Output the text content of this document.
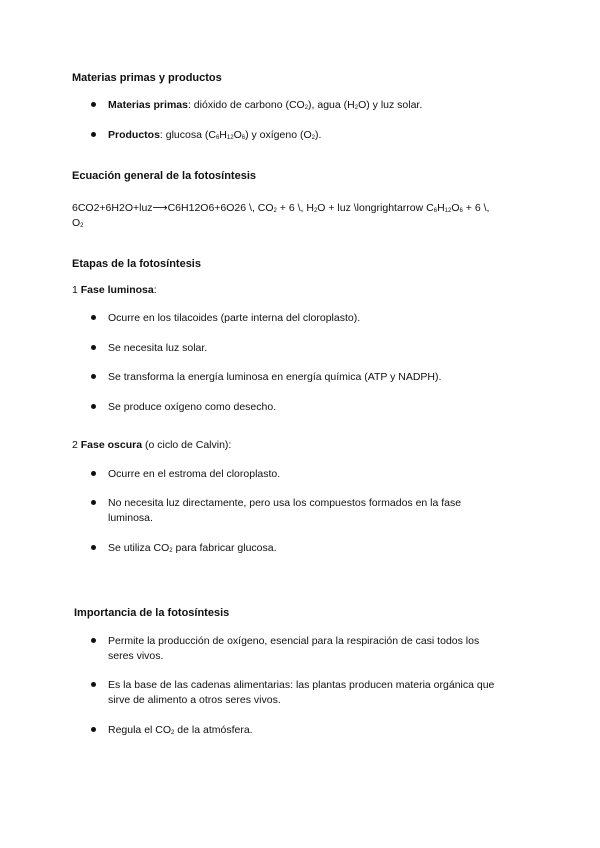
Materias primas y productos
Materias primas: dióxido de carbono $(CO_2)$, agua $(H_2O)$ y luz solar.
Productos: glucosa $(C_6H_{12}O_6)$ y oxígeno $(O_2)$.
Ecuación general de la fotosíntesis
6CO2+6H2O+luz⟶C6H12O6+6O26 \, $CO_2 + 6$ \, $H_2O$ + luz \longrightarrow $C_6H_{12}O_6 + 6$ \,
$O_2$
Etapas de la fotosíntesis
1 Fase luminosa:
Ocurre en los tilacoides (parte interna del cloroplasto).
Se necesita luz solar.
Se transforma la energía luminosa en energía química (ATP y NADPH).
Se produce oxígeno como desecho.
2 Fase oscura (o ciclo de Calvin):
Ocurre en el estroma del cloroplasto.
No necesita luz directamente, pero usa los compuestos formados en la fase
luminosa.
Se utiliza $CO_2$ para fabricar glucosa.
Importancia de la fotosíntesis
Permite la producción de oxígeno, esencial para la respiración de casi todos los
seres vivos.
Es la base de las cadenas alimentarias: las plantas producen materia orgánica que
sirve de alimento a otros seres vivos.
Regula el $CO_2$ de la atmósfera.
